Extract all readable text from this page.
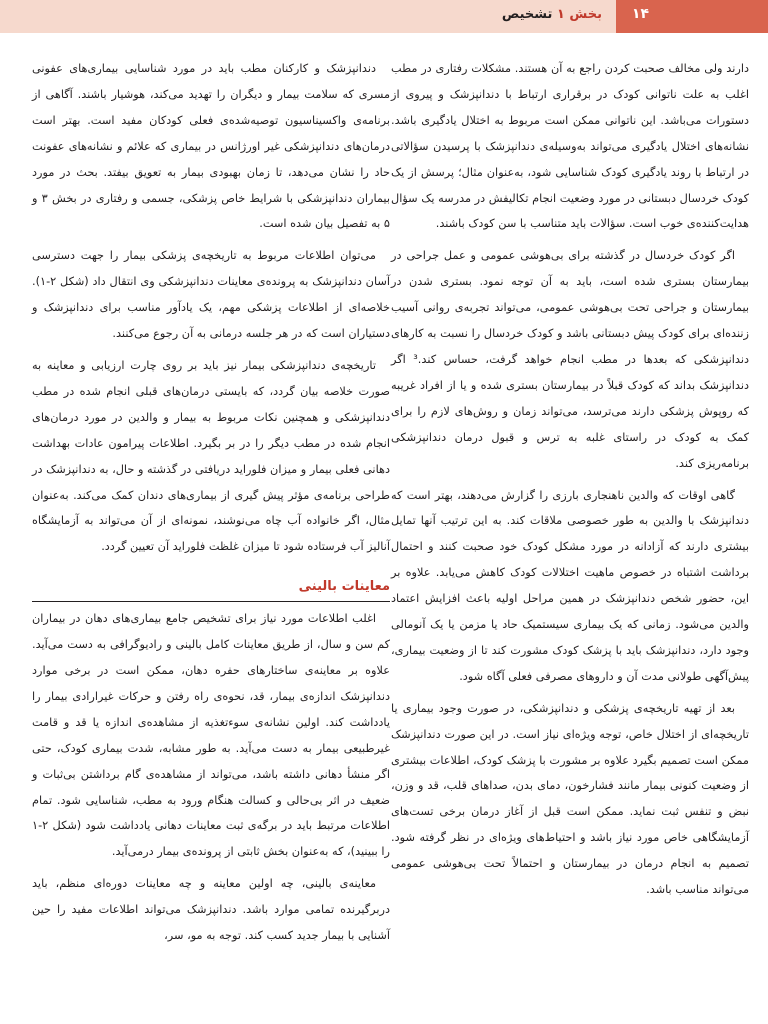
۱۴
بخش ۱ تشخیص

دارند ولی مخالف صحبت کردن راجع به آن هستند. مشکلات رفتاری در مطب اغلب به علت ناتوانی کودک در برقراری ارتباط با دندانپزشک و پیروی از دستورات می‌باشد. این ناتوانی ممکن است مربوط به اختلال یادگیری باشد. نشانه‌های اختلال یادگیری می‌تواند به‌وسیله‌ی دندانپزشک با پرسیدن سؤالاتی در ارتباط با روند یادگیری کودک شناسایی شود، به‌عنوان مثال؛ پرسش از یک کودک خردسال دبستانی در مورد وضعیت انجام تکالیفش در مدرسه یک سؤال هدایت‌کننده‌ی خوب است. سؤالات باید متناسب با سن کودک باشند.

اگر کودک خردسال در گذشته برای بی‌هوشی عمومی و عمل جراحی در بیمارستان بستری شده است، باید به آن توجه نمود. بستری شدن در بیمارستان و جراحی تحت بی‌هوشی عمومی، می‌تواند تجربه‌ی روانی آسیب زننده‌ای برای کودک پیش دبستانی باشد و کودک خردسال را نسبت به کارهای دندانپزشکی که بعدها در مطب انجام خواهد گرفت، حساس کند.³ اگر دندانپزشک بداند که کودک قبلاً در بیمارستان بستری شده و یا از افراد غریبه که روپوش پزشکی دارند می‌ترسد، می‌تواند زمان و روش‌های لازم را برای کمک به کودک در راستای غلبه به ترس و قبول درمان دندانپزشکی برنامه‌ریزی کند.

گاهی اوقات که والدین ناهنجاری بارزی را گزارش می‌دهند، بهتر است که دندانپزشک با والدین به طور خصوصی ملاقات کند. به این ترتیب آنها تمایل بیشتری دارند که آزادانه در مورد مشکل کودک خود صحبت کنند و احتمال برداشت اشتباه در خصوص ماهیت اختلالات کودک کاهش می‌یابد. علاوه بر این، حضور شخص دندانپزشک در همین مراحل اولیه باعث افزایش اعتماد والدین می‌شود. زمانی که یک بیماری سیستمیک حاد یا مزمن یا یک آنومالی وجود دارد، دندانپزشک باید با پزشک کودک مشورت کند تا از وضعیت بیماری، پیش‌آگهی طولانی مدت آن و داروهای مصرفی فعلی آگاه شود.

بعد از تهیه تاریخچه‌ی پزشکی و دندانپزشکی، در صورت وجود بیماری یا تاریخچه‌ای از اختلال خاص، توجه ویژه‌ای نیاز است. در این صورت دندانپزشک ممکن است تصمیم بگیرد علاوه بر مشورت با پزشک کودک، اطلاعات بیشتری از وضعیت کنونی بیمار مانند فشارخون، دمای بدن، صداهای قلب، قد و وزن، نبض و تنفس ثبت نماید. ممکن است قبل از آغاز درمان برخی تست‌های آزمایشگاهی خاص مورد نیاز باشد و احتیاط‌های ویژه‌ای در نظر گرفته شود. تصمیم به انجام درمان در بیمارستان و احتمالاً تحت بی‌هوشی عمومی می‌تواند مناسب باشد.

دندانپزشک و کارکنان مطب باید در مورد شناسایی بیماری‌های عفونی مسری که سلامت بیمار و دیگران را تهدید می‌کند، هوشیار باشند. آگاهی از برنامه‌ی واکسیناسیون توصیه‌شده‌ی فعلی کودکان مفید است. بهتر است درمان‌های دندانپزشکی غیر اورژانس در بیماری که علائم و نشانه‌های عفونت حاد را نشان می‌دهد، تا زمان بهبودی بیمار به تعویق بیفتد. بحث در مورد بیماران دندانپزشکی با شرایط خاص پزشکی، جسمی و رفتاری در بخش ۳ و ۵ به تفصیل بیان شده است.

می‌توان اطلاعات مربوط به تاریخچه‌ی پزشکی بیمار را جهت دسترسی آسان دندانپزشک به پرونده‌ی معاینات دندانپزشکی وی انتقال داد (شکل ۲-۱). خلاصه‌ای از اطلاعات پزشکی مهم، یک یادآور مناسب برای دندانپزشک و دستیاران است که در هر جلسه درمانی به آن رجوع می‌کنند.

تاریخچه‌ی دندانپزشکی بیمار نیز باید بر روی چارت ارزیابی و معاینه به صورت خلاصه بیان گردد، که بایستی درمان‌های قبلی انجام شده در مطب دندانپزشکی و همچنین نکات مربوط به بیمار و والدین در مورد درمان‌های انجام شده در مطب دیگر را در بر بگیرد. اطلاعات پیرامون عادات بهداشت دهانی فعلی بیمار و میزان فلوراید دریافتی در گذشته و حال، به دندانپزشک در طراحی برنامه‌ی مؤثر پیش گیری از بیماری‌های دندان کمک می‌کند. به‌عنوان مثال، اگر خانواده آب چاه می‌نوشند، نمونه‌ای از آن می‌تواند به آزمایشگاه آنالیز آب فرستاده شود تا میزان غلظت فلوراید آن تعیین گردد.

معاینات بالینی

اغلب اطلاعات مورد نیاز برای تشخیص جامع بیماری‌های دهان در بیماران کم سن و سال، از طریق معاینات کامل بالینی و رادیوگرافی به دست می‌آید. علاوه بر معاینه‌ی ساختارهای حفره دهان، ممکن است در برخی موارد دندانپزشک اندازه‌ی بیمار، قد، نحوه‌ی راه رفتن و حرکات غیرارادی بیمار را یادداشت کند. اولین نشانه‌ی سوءتغذیه از مشاهده‌ی اندازه یا قد و قامت غیرطبیعی بیمار به دست می‌آید. به طور مشابه، شدت بیماری کودک، حتی اگر منشأ دهانی داشته باشد، می‌تواند از مشاهده‌ی گام برداشتن بی‌ثبات و ضعیف در اثر بی‌حالی و کسالت هنگام ورود به مطب، شناسایی شود. تمام اطلاعات مرتبط باید در برگه‌ی ثبت معاینات دهانی یادداشت شود (شکل ۲-۱ را ببینید)، که به‌عنوان بخش ثابتی از پرونده‌ی بیمار درمی‌آید.

معاینه‌ی بالینی، چه اولین معاینه و چه معاینات دوره‌ای منظم، باید دربرگیرنده تمامی موارد باشد. دندانپزشک می‌تواند اطلاعات مفید را حین آشنایی با بیمار جدید کسب کند. توجه به مو، سر،
